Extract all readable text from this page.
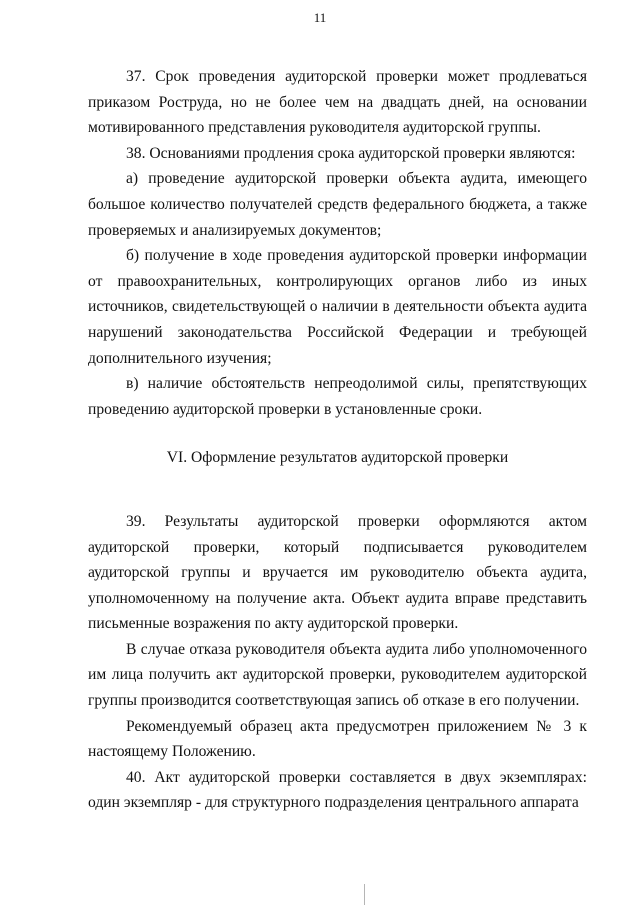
11

37. Срок проведения аудиторской проверки может продлеваться приказом Роструда, но не более чем на двадцать дней, на основании мотивированного представления руководителя аудиторской группы.

38. Основаниями продления срока аудиторской проверки являются:

а) проведение аудиторской проверки объекта аудита, имеющего большое количество получателей средств федерального бюджета, а также проверяемых и анализируемых документов;

б) получение в ходе проведения аудиторской проверки информации от правоохранительных, контролирующих органов либо из иных источников, свидетельствующей о наличии в деятельности объекта аудита нарушений законодательства Российской Федерации и требующей дополнительного изучения;

в) наличие обстоятельств непреодолимой силы, препятствующих проведению аудиторской проверки в установленные сроки.

VI. Оформление результатов аудиторской проверки

39. Результаты аудиторской проверки оформляются актом аудиторской проверки, который подписывается руководителем аудиторской группы и вручается им руководителю объекта аудита, уполномоченному на получение акта. Объект аудита вправе представить письменные возражения по акту аудиторской проверки.

В случае отказа руководителя объекта аудита либо уполномоченного им лица получить акт аудиторской проверки, руководителем аудиторской группы производится соответствующая запись об отказе в его получении.

Рекомендуемый образец акта предусмотрен приложением № 3 к настоящему Положению.

40. Акт аудиторской проверки составляется в двух экземплярах: один экземпляр - для структурного подразделения центрального аппарата
